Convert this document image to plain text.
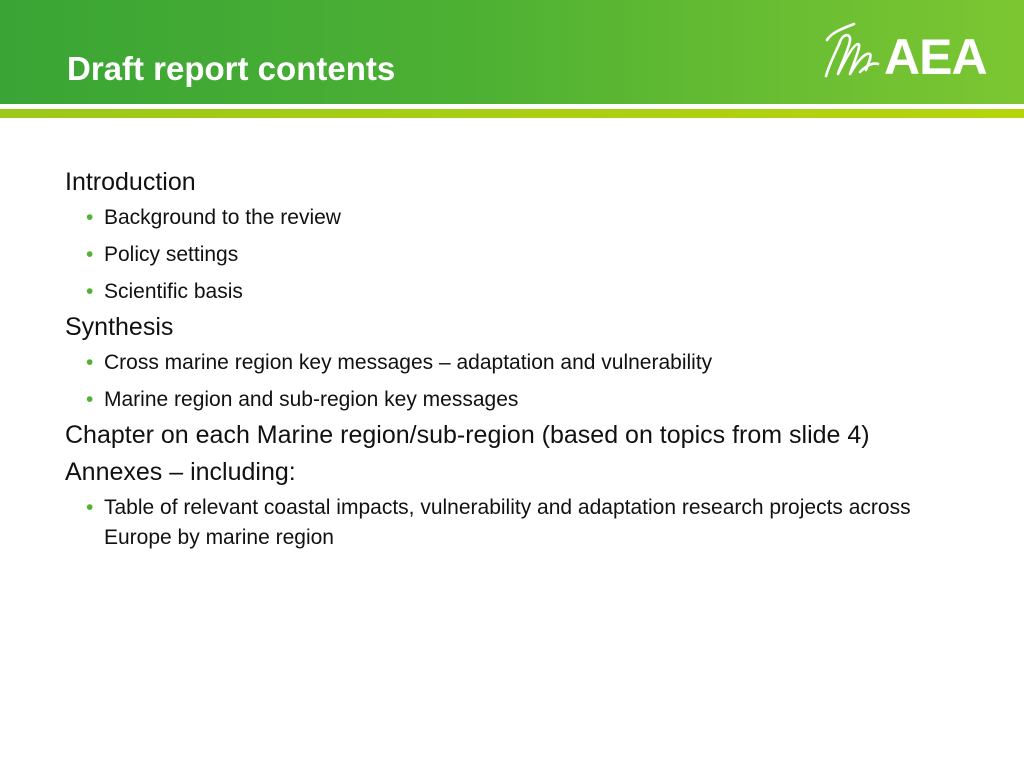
Draft report contents	AEA
Introduction
• Background to the review
• Policy settings
• Scientific basis
Synthesis
• Cross marine region key messages – adaptation and vulnerability
• Marine region and sub-region key messages
Chapter on each Marine region/sub-region (based on topics from slide 4)
Annexes – including:
• Table of relevant coastal impacts, vulnerability and adaptation research projects across Europe by marine region
